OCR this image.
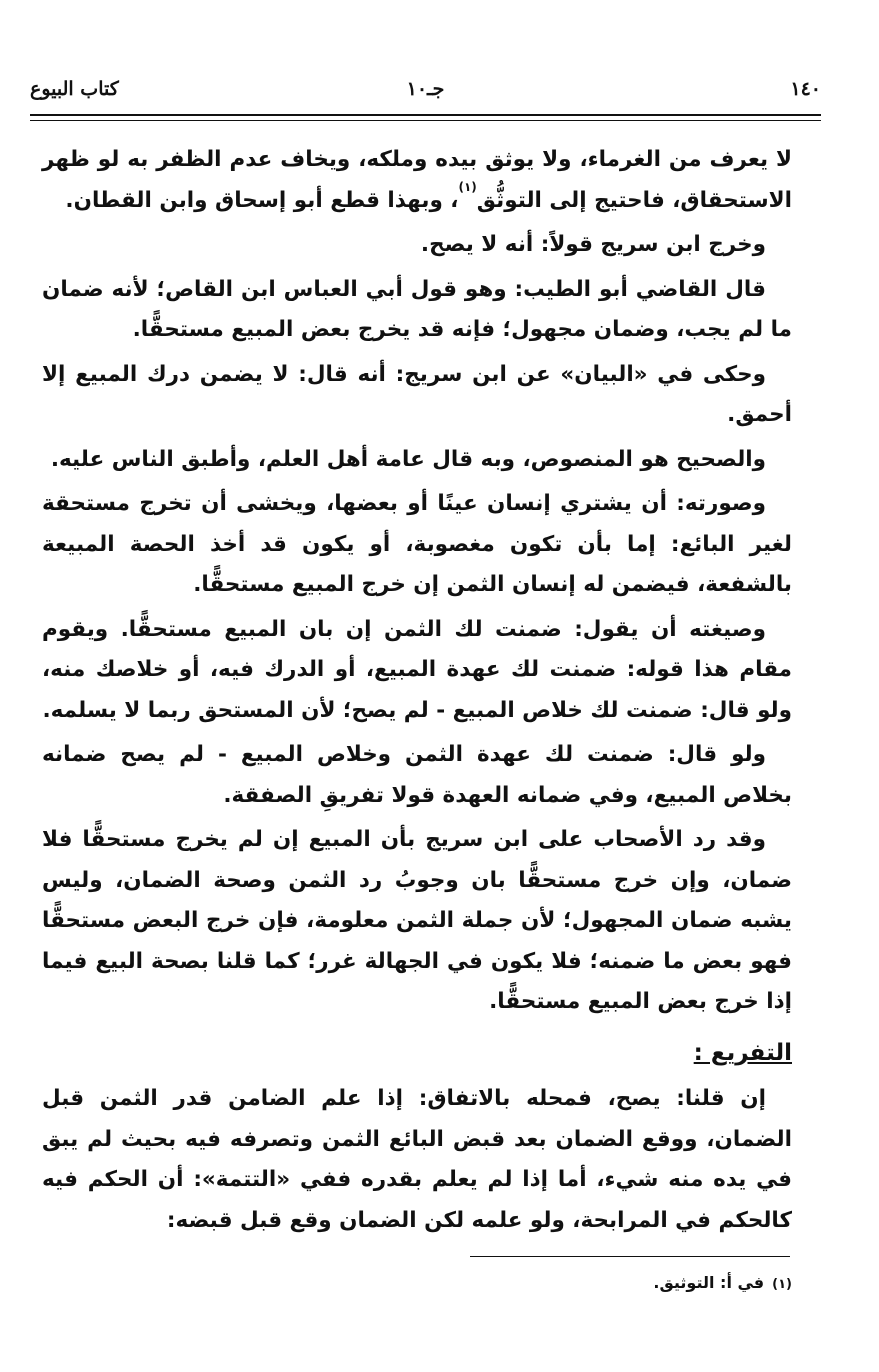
١٤٠
جـ١٠
كتاب البيوع

لا يعرف من الغرماء، ولا يوثق بيده وملكه، ويخاف عدم الظفر به لو ظهر الاستحقاق، فاحتيج إلى التوثُّق$^{(١)}$، وبهذا قطع أبو إسحاق وابن القطان.

وخرج ابن سريج قولاً: أنه لا يصح.

قال القاضي أبو الطيب: وهو قول أبي العباس ابن القاص؛ لأنه ضمان ما لم يجب، وضمان مجهول؛ فإنه قد يخرج بعض المبيع مستحقًّا.

وحكى في «البيان» عن ابن سريج: أنه قال: لا يضمن درك المبيع إلا أحمق.

والصحيح هو المنصوص، وبه قال عامة أهل العلم، وأطبق الناس عليه.

وصورته: أن يشتري إنسان عينًا أو بعضها، ويخشى أن تخرج مستحقة لغير البائع: إما بأن تكون مغصوبة، أو يكون قد أخذ الحصة المبيعة بالشفعة، فيضمن له إنسان الثمن إن خرج المبيع مستحقًّا.

وصيغته أن يقول: ضمنت لك الثمن إن بان المبيع مستحقًّا. ويقوم مقام هذا قوله: ضمنت لك عهدة المبيع، أو الدرك فيه، أو خلاصك منه، ولو قال: ضمنت لك خلاص المبيع - لم يصح؛ لأن المستحق ربما لا يسلمه.

ولو قال: ضمنت لك عهدة الثمن وخلاص المبيع - لم يصح ضمانه بخلاص المبيع، وفي ضمانه العهدة قولا تفريقِ الصفقة.

وقد رد الأصحاب على ابن سريج بأن المبيع إن لم يخرج مستحقًّا فلا ضمان، وإن خرج مستحقًّا بان وجوبُ رد الثمن وصحة الضمان، وليس يشبه ضمان المجهول؛ لأن جملة الثمن معلومة، فإن خرج البعض مستحقًّا فهو بعض ما ضمنه؛ فلا يكون في الجهالة غرر؛ كما قلنا بصحة البيع فيما إذا خرج بعض المبيع مستحقًّا.

التفريع :

إن قلنا: يصح، فمحله بالاتفاق: إذا علم الضامن قدر الثمن قبل الضمان، ووقع الضمان بعد قبض البائع الثمن وتصرفه فيه بحيث لم يبق في يده منه شيء، أما إذا لم يعلم بقدره ففي «التتمة»: أن الحكم فيه كالحكم في المرابحة، ولو علمه لكن الضمان وقع قبل قبضه:

(١)في أ: التوثيق.
